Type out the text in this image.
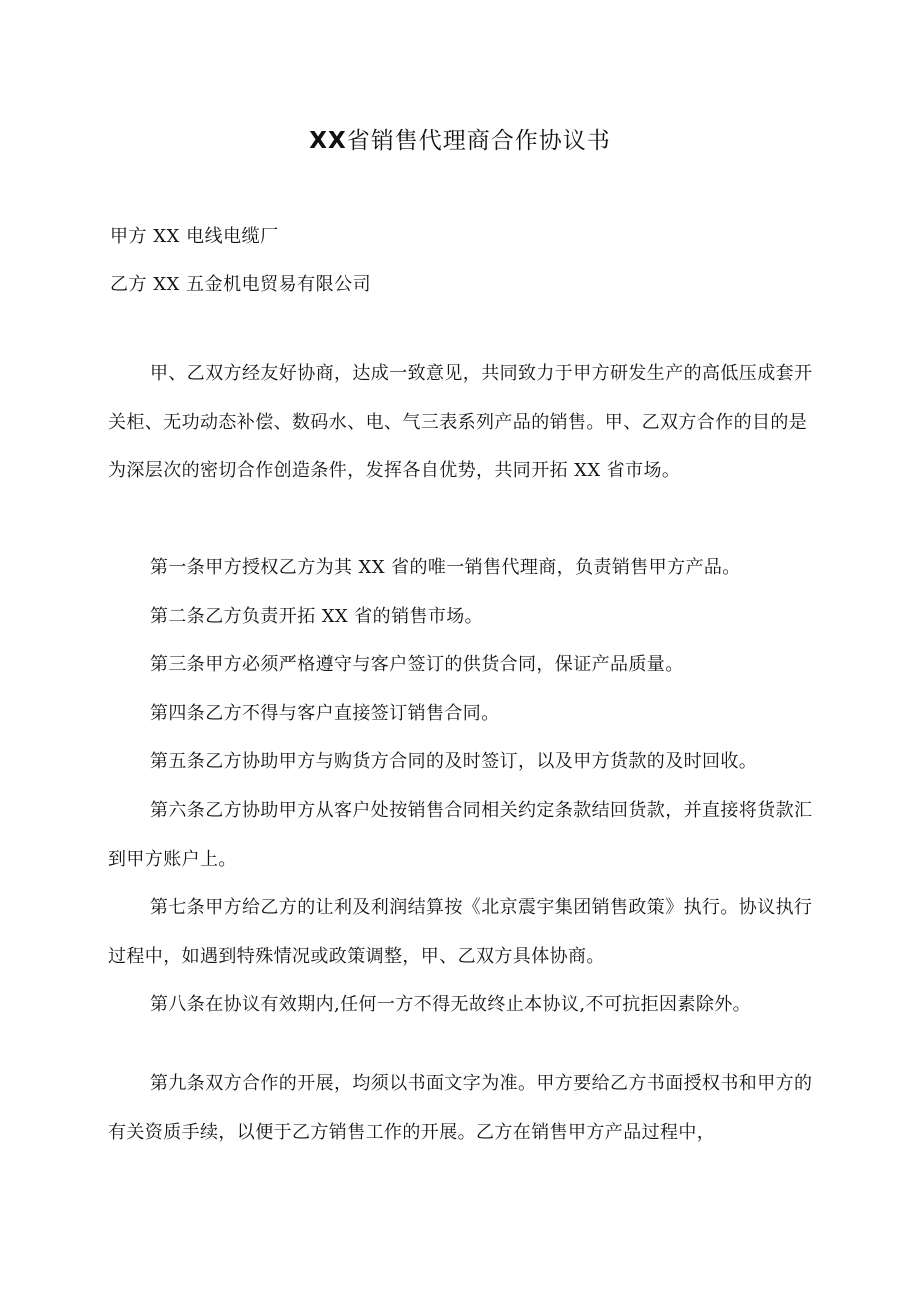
XX省销售代理商合作协议书
甲方 XX 电线电缆厂
乙方 XX 五金机电贸易有限公司
甲、乙双方经友好协商，达成一致意见，共同致力于甲方研发生产的高低压成套开关柜、无功动态补偿、数码水、电、气三表系列产品的销售。甲、乙双方合作的目的是为深层次的密切合作创造条件，发挥各自优势，共同开拓 XX 省市场。
第一条甲方授权乙方为其 XX 省的唯一销售代理商，负责销售甲方产品。
第二条乙方负责开拓 XX 省的销售市场。
第三条甲方必须严格遵守与客户签订的供货合同，保证产品质量。
第四条乙方不得与客户直接签订销售合同。
第五条乙方协助甲方与购货方合同的及时签订，以及甲方货款的及时回收。
第六条乙方协助甲方从客户处按销售合同相关约定条款结回货款，并直接将货款汇到甲方账户上。
第七条甲方给乙方的让利及利润结算按《北京震宇集团销售政策》执行。协议执行过程中，如遇到特殊情况或政策调整，甲、乙双方具体协商。
第八条在协议有效期内,任何一方不得无故终止本协议,不可抗拒因素除外。
第九条双方合作的开展，均须以书面文字为准。甲方要给乙方书面授权书和甲方的有关资质手续，以便于乙方销售工作的开展。乙方在销售甲方产品过程中，
